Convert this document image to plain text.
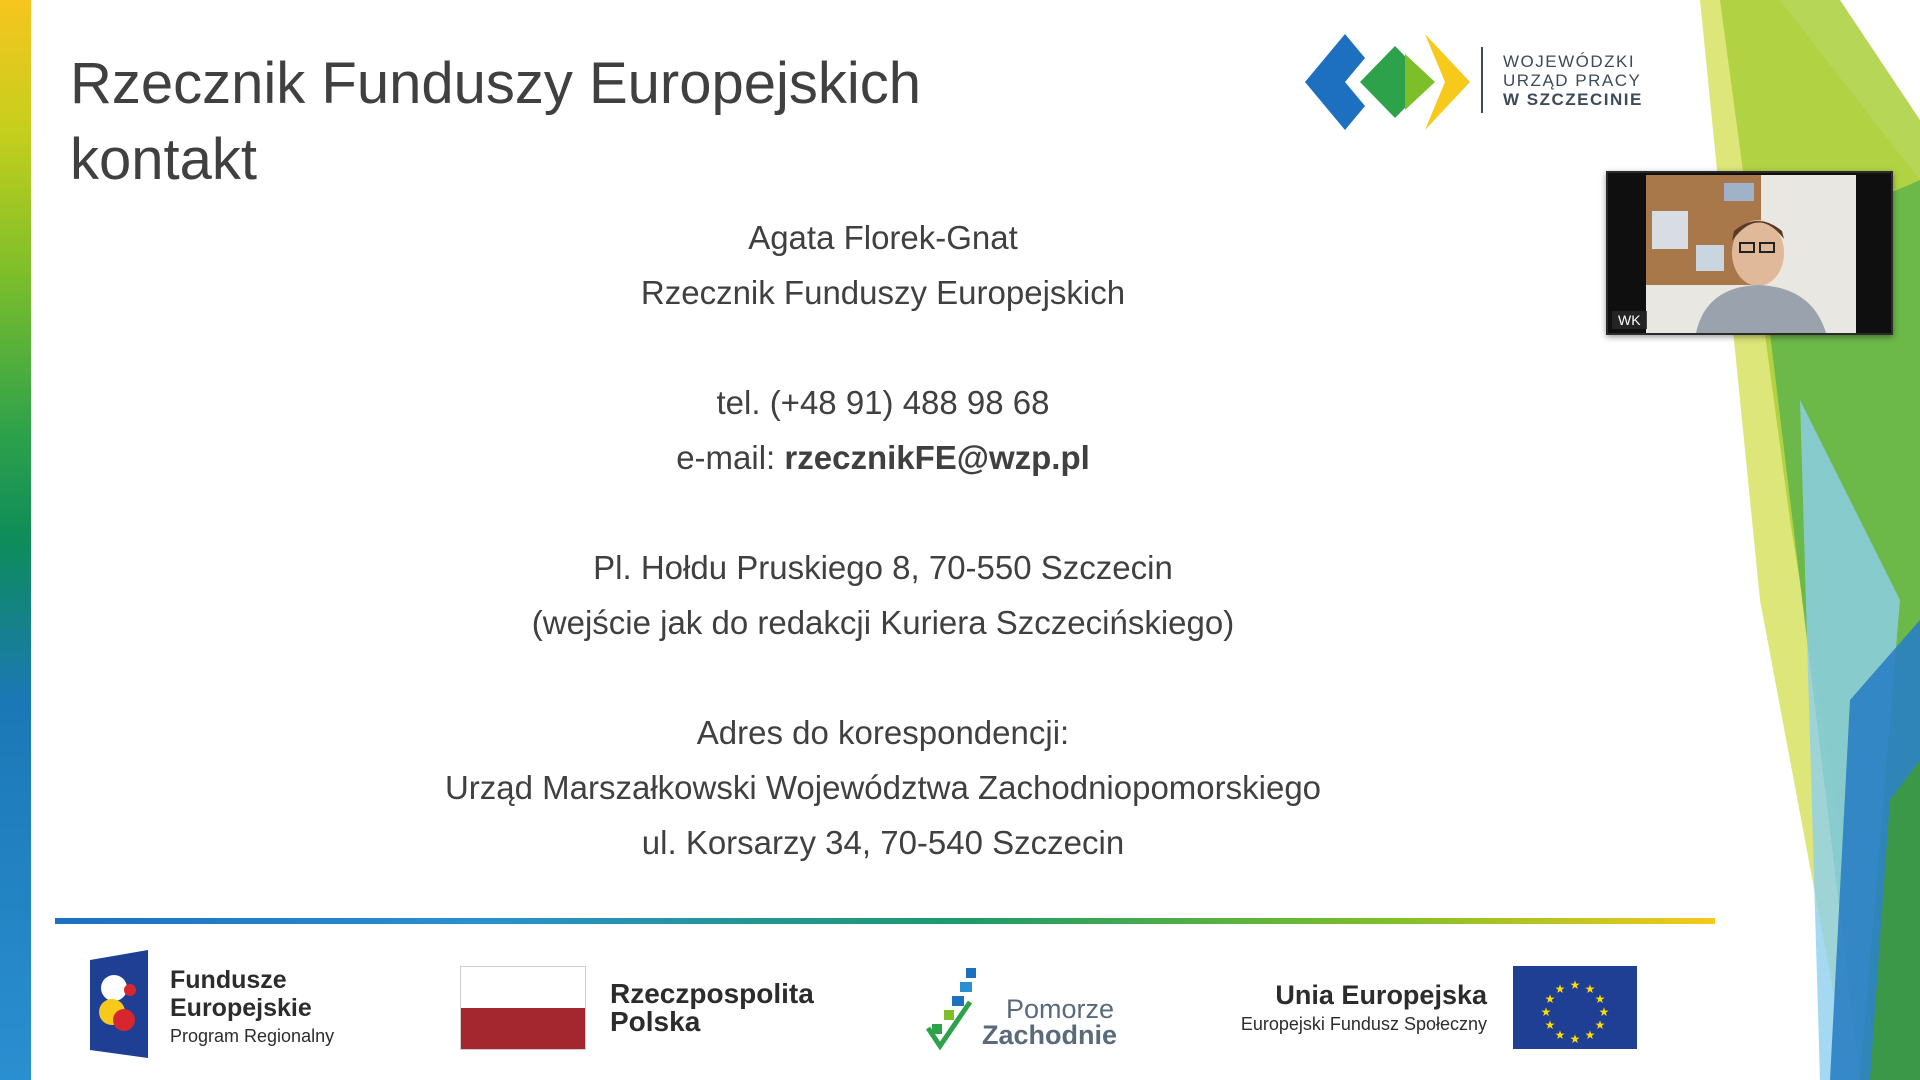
Rzecznik Funduszy Europejskich
kontakt
WOJEWÓDZKI
URZĄD PRACY
W SZCZECINIE
WK
Agata Florek-Gnat
Rzecznik Funduszy Europejskich
tel. (+48 91) 488 98 68
e-mail: rzecznikFE@wzp.pl
Pl. Hołdu Pruskiego 8, 70-550 Szczecin
(wejście jak do redakcji Kuriera Szczecińskiego)
Adres do korespondencji:
Urząd Marszałkowski Województwa Zachodniopomorskiego
ul. Korsarzy 34, 70-540 Szczecin
Fundusze
Europejskie
Program Regionalny
Rzeczpospolita
Polska	Pomorze
Zachodnie
Unia Europejska
Europejski Fundusz Społeczny
★ ★
★
★
★
★
★
★
★
★
★
★
